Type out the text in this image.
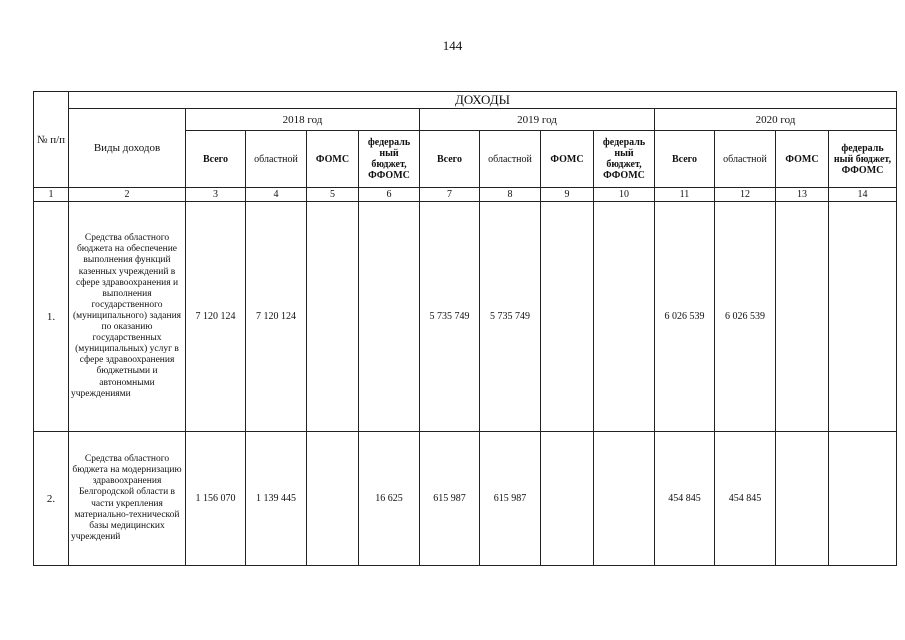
144
№ п/п	ДОХОДЫ												
	Виды доходов	2018 год				2019 год				2020 год			
		Всего	областной	ФОМС	федераль ный бюджет, ФФОМС	Всего	областной	ФОМС	федераль ный бюджет, ФФОМС	Всего	областной	ФОМС	федераль ный бюджет, ФФОМС
1	2	3	4	5	6	7	8	9	10	11	12	13	14
1.	Средства областного бюджета на обеспечение выполнения функций казенных учреждений в сфере здравоохранения и выполнения государственного (муниципального) задания по оказанию государственных (муниципальных) услуг в сфере здравоохранения бюджетными и автономными учреждениями	7 120 124	7 120 124			5 735 749	5 735 749			6 026 539	6 026 539		
2.	Средства областного бюджета на модернизацию здравоохранения Белгородской области в части укрепления материально-технической базы медицинских учреждений	1 156 070	1 139 445		16 625	615 987	615 987			454 845	454 845		
